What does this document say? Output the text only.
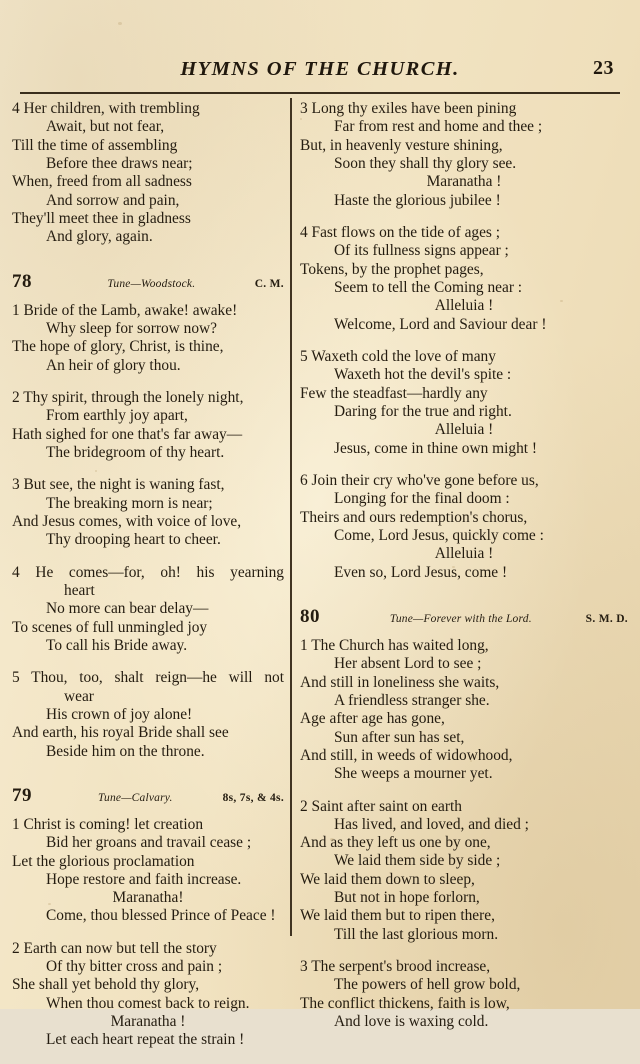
HYMNS OF THE CHURCH.	23
4 Her children, with trembling
Await, but not fear,
Till the time of assembling
Before thee draws near;
When, freed from all sadness
And sorrow and pain,
They'll meet thee in gladness
And glory, again.
78	Tune—Woodstock.	C. M.
1 Bride of the Lamb, awake! awake!
Why sleep for sorrow now?
The hope of glory, Christ, is thine,
An heir of glory thou.
2 Thy spirit, through the lonely night,
From earthly joy apart,
Hath sighed for one that's far away—
The bridegroom of thy heart.
3 But see, the night is waning fast,
The breaking morn is near;
And Jesus comes, with voice of love,
Thy drooping heart to cheer.
4 He comes—for, oh! his yearning
heart
No more can bear delay—
To scenes of full unmingled joy
To call his Bride away.
5 Thou, too, shalt reign—he will not
wear
His crown of joy alone!
And earth, his royal Bride shall see
Beside him on the throne.
79	Tune—Calvary.	8s, 7s, & 4s.
1 Christ is coming! let creation
Bid her groans and travail cease ;
Let the glorious proclamation
Hope restore and faith increase.
Maranatha!
Come, thou blessed Prince of Peace !
2 Earth can now but tell the story
Of thy bitter cross and pain ;
She shall yet behold thy glory,
When thou comest back to reign.
Maranatha !
Let each heart repeat the strain !
3 Long thy exiles have been pining
Far from rest and home and thee ;
But, in heavenly vesture shining,
Soon they shall thy glory see.
Maranatha !
Haste the glorious jubilee !
4 Fast flows on the tide of ages ;
Of its fullness signs appear ;
Tokens, by the prophet pages,
Seem to tell the Coming near :
Alleluia !
Welcome, Lord and Saviour dear !
5 Waxeth cold the love of many
Waxeth hot the devil's spite :
Few the steadfast—hardly any
Daring for the true and right.
Alleluia !
Jesus, come in thine own might !
6 Join their cry who've gone before us,
Longing for the final doom :
Theirs and ours redemption's chorus,
Come, Lord Jesus, quickly come :
Alleluia !
Even so, Lord Jesus, come !
80	Tune—Forever with the Lord.	S. M. D.
1 The Church has waited long,
Her absent Lord to see ;
And still in loneliness she waits,
A friendless stranger she.
Age after age has gone,
Sun after sun has set,
And still, in weeds of widowhood,
She weeps a mourner yet.
2 Saint after saint on earth
Has lived, and loved, and died ;
And as they left us one by one,
We laid them side by side ;
We laid them down to sleep,
But not in hope forlorn,
We laid them but to ripen there,
Till the last glorious morn.
3 The serpent's brood increase,
The powers of hell grow bold,
The conflict thickens, faith is low,
And love is waxing cold.
